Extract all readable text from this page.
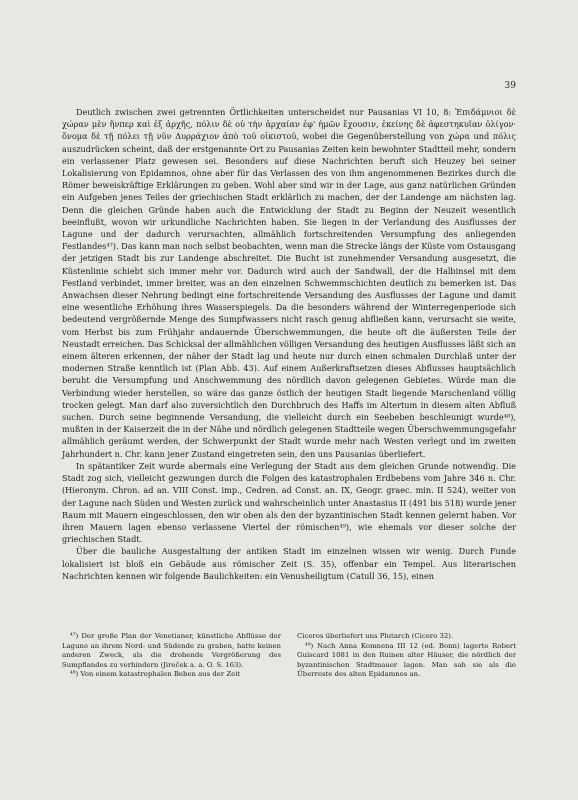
39

Deutlich zwischen zwei getrennten Örtlichkeiten unterscheidet nur Pausanias VI 10, 8: Ἐπιδάμνιοι δὲ χώραν μὲν ἥνπερ καὶ ἐξ ἀρχῆς, πόλιν δὲ οὐ τὴν ἀρχαίαν ἐφ' ἡμῶν ἔχουσιν, ἐκείνης δὲ ἀφεστηκυῖαν ὀλίγον· ὄνομα δὲ τῇ πόλει τῇ νῦν Δυρράχιον ἀπὸ τοῦ οἰκιστοῦ, wobei die Gegenüberstellung von χώρα und πόλις auszudrücken scheint, daß der erstgenannte Ort zu Pausanias Zeiten kein bewohnter Stadtteil mehr, sondern ein verlassener Platz gewesen sei. Besonders auf diese Nachrichten beruft sich Heuzey bei seiner Lokalisierung von Epidamnos, ohne aber für das Verlassen des von ihm angenommenen Bezirkes durch die Römer beweiskräftige Erklärungen zu geben. Wohl aber sind wir in der Lage, aus ganz natürlichen Gründen ein Aufgeben jenes Teiles der griechischen Stadt erklärlich zu machen, der der Landenge am nächsten lag. Denn die gleichen Gründe haben auch die Entwicklung der Stadt zu Beginn der Neuzeit wesentlich beeinflußt, wovon wir urkundliche Nachrichten haben. Sie liegen in der Verlandung des Ausflusses der Lagune und der dadurch verursachten, allmählich fortschreitenden Versumpfung des anliegenden Festlandes⁴⁷). Das kann man noch selbst beobachten, wenn man die Strecke längs der Küste vom Ostausgang der jetzigen Stadt bis zur Landenge abschreitet. Die Bucht ist zunehmender Versandung ausgesetzt, die Küstenlinie schiebt sich immer mehr vor. Dadurch wird auch der Sandwall, der die Halbinsel mit dem Festland verbindet, immer breiter, was an den einzelnen Schwemmschichten deutlich zu bemerken ist. Das Anwachsen dieser Nehrung bedingt eine fortschreitende Versandung des Ausflusses der Lagune und damit eine wesentliche Erhöhung ihres Wasserspiegels. Da die besonders während der Winterregenperiode sich bedeutend vergrößernde Menge des Sumpfwassers nicht rasch genug abfließen kann, verursacht sie weite, vom Herbst bis zum Frühjahr andauernde Überschwemmungen, die heute oft die äußersten Teile der Neustadt erreichen. Das Schicksal der allmählichen völligen Versandung des heutigen Ausflusses läßt sich an einem älteren erkennen, der näher der Stadt lag und heute nur durch einen schmalen Durchlaß unter der modernen Straße kenntlich ist (Plan Abb. 43). Auf einem Außerkraftsetzen dieses Abflusses hauptsächlich beruht die Versumpfung und Anschwemmung des nördlich davon gelegenen Gebietes. Würde man die Verbindung wieder herstellen, so wäre das ganze östlich der heutigen Stadt liegende Marschenland völlig trocken gelegt. Man darf also zuversichtlich den Durchbruch des Haffs im Altertum in diesem alten Abfluß suchen. Durch seine beginnende Versandung, die vielleicht durch ein Seebeben beschleunigt wurde⁴⁸), mußten in der Kaiserzeit die in der Nähe und nördlich gelegenen Stadtteile wegen Überschwemmungsgefahr allmählich geräumt werden, der Schwerpunkt der Stadt wurde mehr nach Westen verlegt und im zweiten Jahrhundert n. Chr. kann jener Zustand eingetreten sein, den uns Pausanias überliefert.

In spätantiker Zeit wurde abermals eine Verlegung der Stadt aus dem gleichen Grunde notwendig. Die Stadt zog sich, vielleicht gezwungen durch die Folgen des katastrophalen Erdbebens vom Jahre 346 n. Chr. (Hieronym. Chron. ad an. VIII Const. imp., Cedren. ad Const. an. IX, Geogr. graec. min. II 524), weiter von der Lagune nach Süden und Westen zurück und wahrscheinlich unter Anastasius II (491 bis 518) wurde jener Raum mit Mauern eingeschlossen, den wir oben als den der byzantinischen Stadt kennen gelernt haben. Vor ihren Mauern lagen ebenso verlassene Viertel der römischen⁴⁹), wie ehemals vor dieser solche der griechischen Stadt.

Über die bauliche Ausgestaltung der antiken Stadt im einzelnen wissen wir wenig. Durch Funde lokalisiert ist bloß ein Gebäude aus römischer Zeit (S. 35), offenbar ein Tempel. Aus literarischen Nachrichten kennen wir folgende Baulichkeiten: ein Venusheiligtum (Catull 36, 15), einen

⁴⁷) Der große Plan der Venetianer, künstliche Abflüsse der Lagune an ihrem Nord- und Südende zu graben, hatte keinen anderen Zweck, als die drohende Vergrößerung des Sumpflandes zu verhindern (Jireček a. a. O. S. 163).

⁴⁸) Von einem katastrophalen Beben aus der Zeit

Ciceros überliefert uns Plutarch (Cicero 32).

⁴⁹) Nach Anna Komnena III 12 (ed. Bonn) lagerte Robert Guiscard 1081 in den Ruinen alter Häuser, die nördlich der byzantinischen Stadtmauer lagen. Man sah sie als die Überreste des alten Epidamnos an.
